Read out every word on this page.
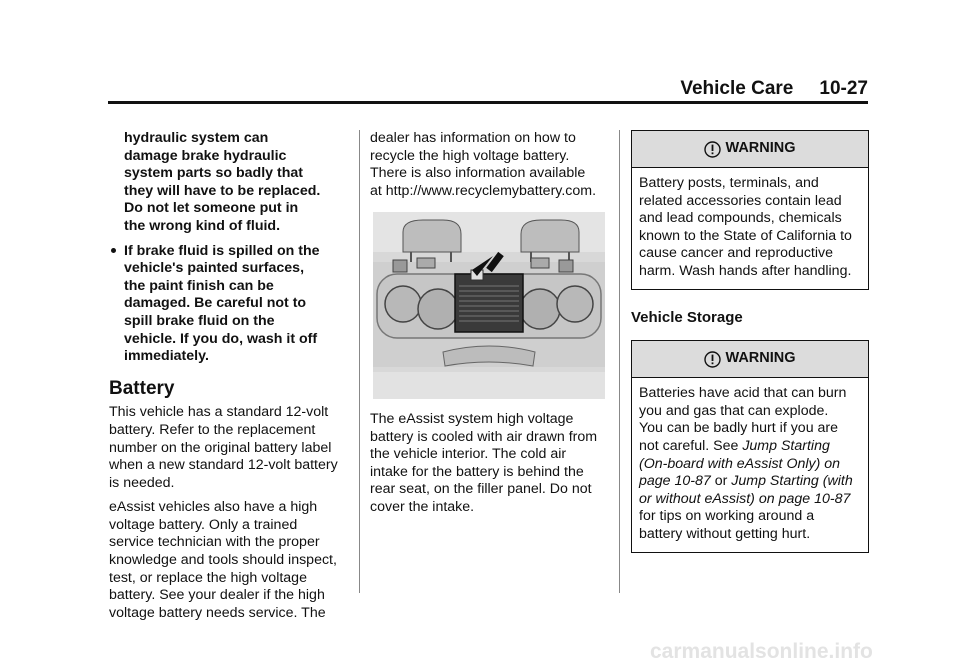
Vehicle Care 10-27
hydraulic system can
damage brake hydraulic
system parts so badly that
they will have to be replaced.
Do not let someone put in
the wrong kind of fluid.
If brake fluid is spilled on the
vehicle's painted surfaces,
the paint finish can be
damaged. Be careful not to
spill brake fluid on the
vehicle. If you do, wash it off
immediately.
Battery

This vehicle has a standard 12-volt
battery. Refer to the replacement
number on the original battery label
when a new standard 12-volt battery
is needed.

eAssist vehicles also have a high
voltage battery. Only a trained
service technician with the proper
knowledge and tools should inspect,
test, or replace the high voltage
battery. See your dealer if the high
voltage battery needs service. The

dealer has information on how to
recycle the high voltage battery.
There is also information available
at http://www.recyclemybattery.com.

The eAssist system high voltage
battery is cooled with air drawn from
the vehicle interior. The cold air
intake for the battery is behind the
rear seat, on the filler panel. Do not
cover the intake.

WARNING
Battery posts, terminals, and
related accessories contain lead
and lead compounds, chemicals
known to the State of California to
cause cancer and reproductive
harm. Wash hands after handling.
Vehicle Storage
WARNING
Batteries have acid that can burn
you and gas that can explode.
You can be badly hurt if you are
not careful. See Jump Starting
(On-board with eAssist Only) on
page 10-87 or Jump Starting (with
or without eAssist) on page 10-87
for tips on working around a
battery without getting hurt.
carmanualsonline.info
